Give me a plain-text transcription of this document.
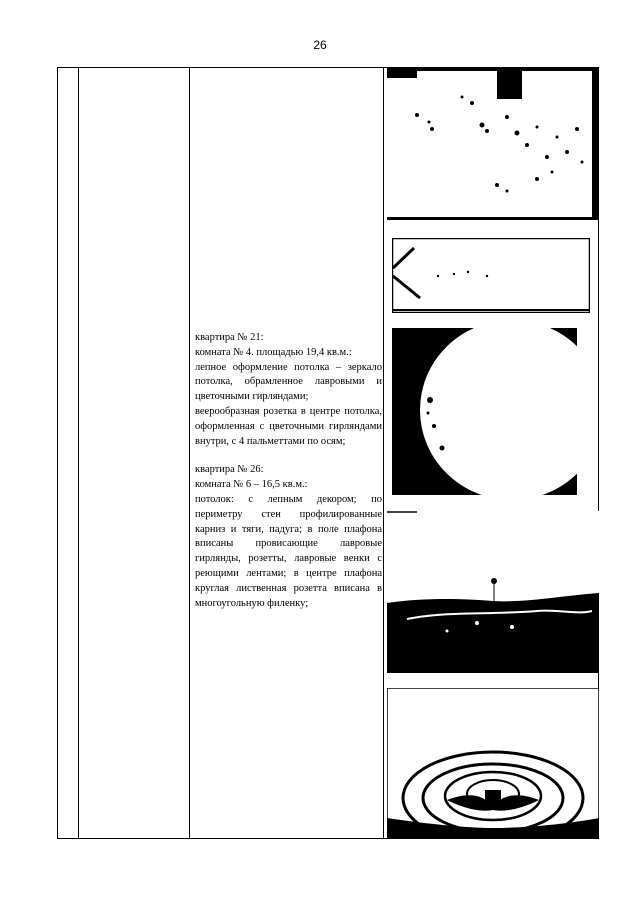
26

квартира № 21:

комната № 4. площадью 19,4 кв.м.:

лепное оформление потолка – зеркало потолка, обрамленное лавровыми и цветочными гирляндами;

веерообразная розетка в центре потолка, оформленная с цветочными гирляндами внутри, с 4 пальметтами по осям;

квартира № 26:

комната № 6 – 16,5 кв.м.:

потолок: с лепным декором; по периметру стен профилированные карниз и тяги, падуга; в поле плафона вписаны провисающие лавровые гирлянды, розетты, лавровые венки с реющими лентами; в центре плафона круглая лиственная розетта вписана в многоугольную филенку;
